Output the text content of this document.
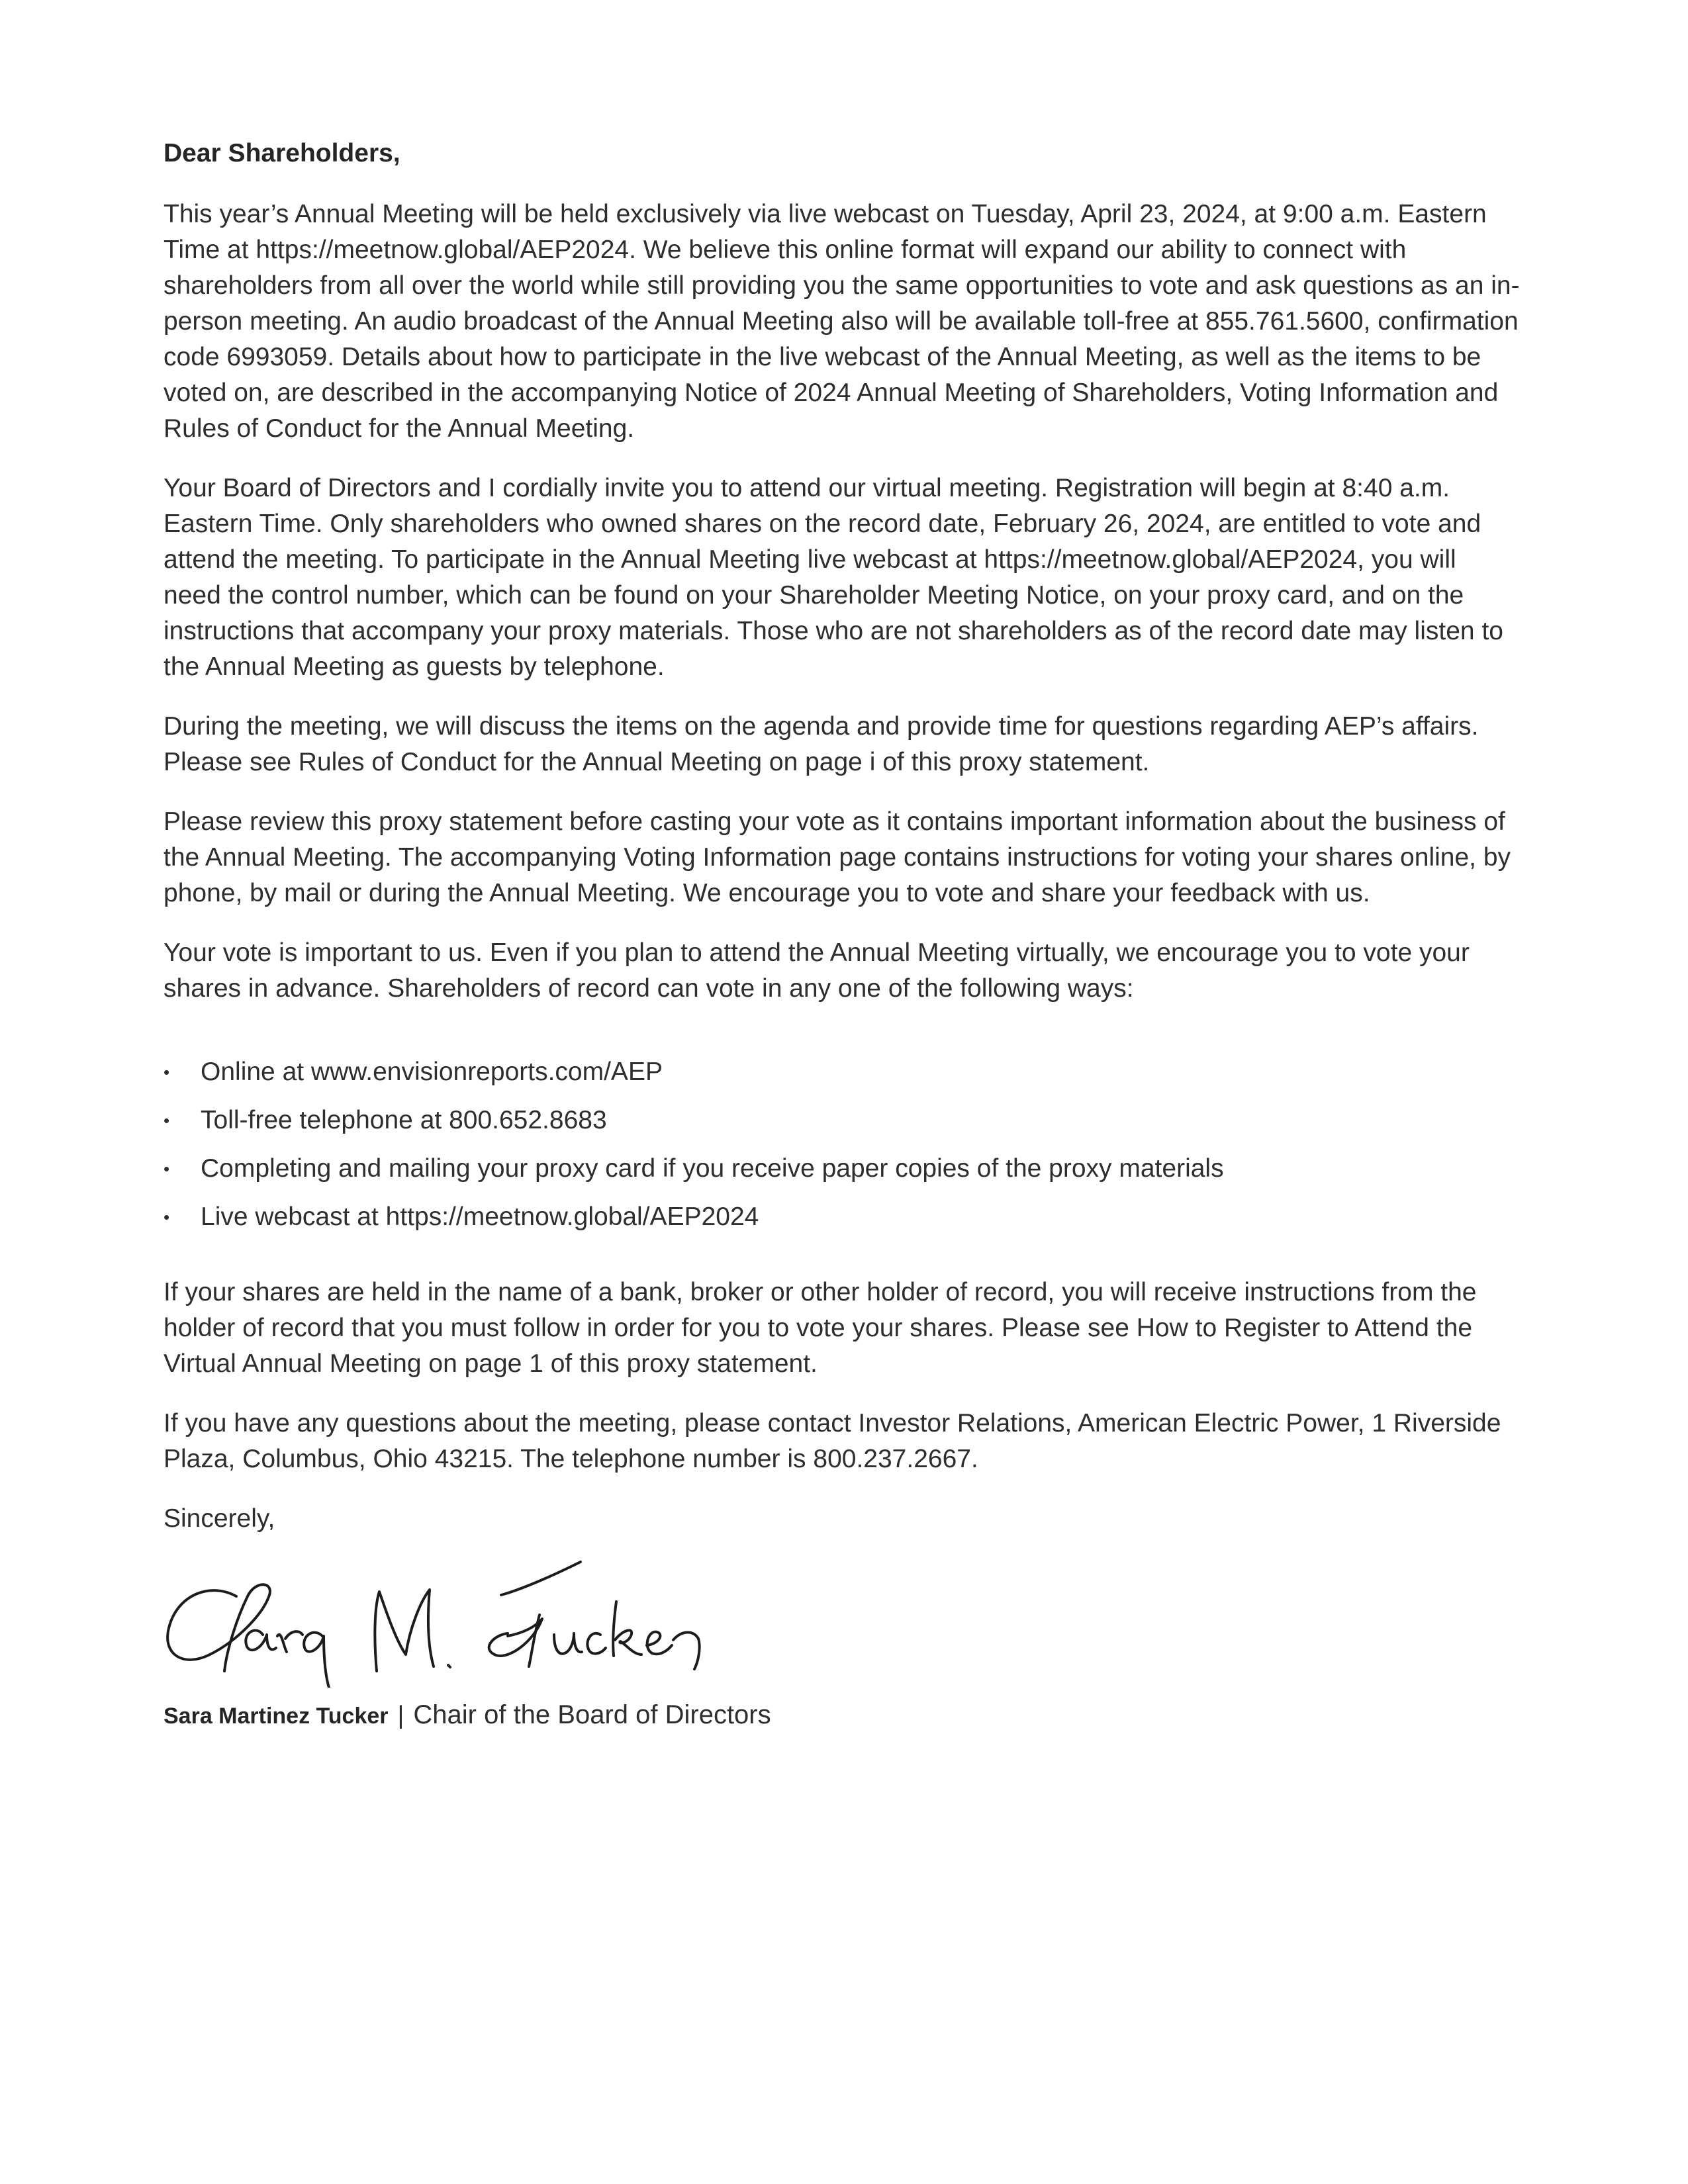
Dear Shareholders,

This year’s Annual Meeting will be held exclusively via live webcast on Tuesday, April 23, 2024, at 9:00 a.m. Eastern Time at https://meetnow.global/AEP2024. We believe this online format will expand our ability to connect with shareholders from all over the world while still providing you the same opportunities to vote and ask questions as an in-person meeting. An audio broadcast of the Annual Meeting also will be available toll-free at 855.761.5600, confirmation code 6993059. Details about how to participate in the live webcast of the Annual Meeting, as well as the items to be voted on, are described in the accompanying Notice of 2024 Annual Meeting of Shareholders, Voting Information and Rules of Conduct for the Annual Meeting.

Your Board of Directors and I cordially invite you to attend our virtual meeting. Registration will begin at 8:40 a.m. Eastern Time. Only shareholders who owned shares on the record date, February 26, 2024, are entitled to vote and attend the meeting. To participate in the Annual Meeting live webcast at https://meetnow.global/AEP2024, you will need the control number, which can be found on your Shareholder Meeting Notice, on your proxy card, and on the instructions that accompany your proxy materials. Those who are not shareholders as of the record date may listen to the Annual Meeting as guests by telephone.

During the meeting, we will discuss the items on the agenda and provide time for questions regarding AEP’s affairs. Please see Rules of Conduct for the Annual Meeting on page i of this proxy statement.

Please review this proxy statement before casting your vote as it contains important information about the business of the Annual Meeting. The accompanying Voting Information page contains instructions for voting your shares online, by phone, by mail or during the Annual Meeting. We encourage you to vote and share your feedback with us.

Your vote is important to us. Even if you plan to attend the Annual Meeting virtually, we encourage you to vote your shares in advance. Shareholders of record can vote in any one of the following ways:

•	Online at www.envisionreports.com/AEP
•	Toll-free telephone at 800.652.8683
•	Completing and mailing your proxy card if you receive paper copies of the proxy materials
•	Live webcast at https://meetnow.global/AEP2024

If your shares are held in the name of a bank, broker or other holder of record, you will receive instructions from the holder of record that you must follow in order for you to vote your shares. Please see How to Register to Attend the Virtual Annual Meeting on page 1 of this proxy statement.

If you have any questions about the meeting, please contact Investor Relations, American Electric Power, 1 Riverside Plaza, Columbus, Ohio 43215. The telephone number is 800.237.2667.

Sincerely,

Sara Martinez Tucker | Chair of the Board of Directors
